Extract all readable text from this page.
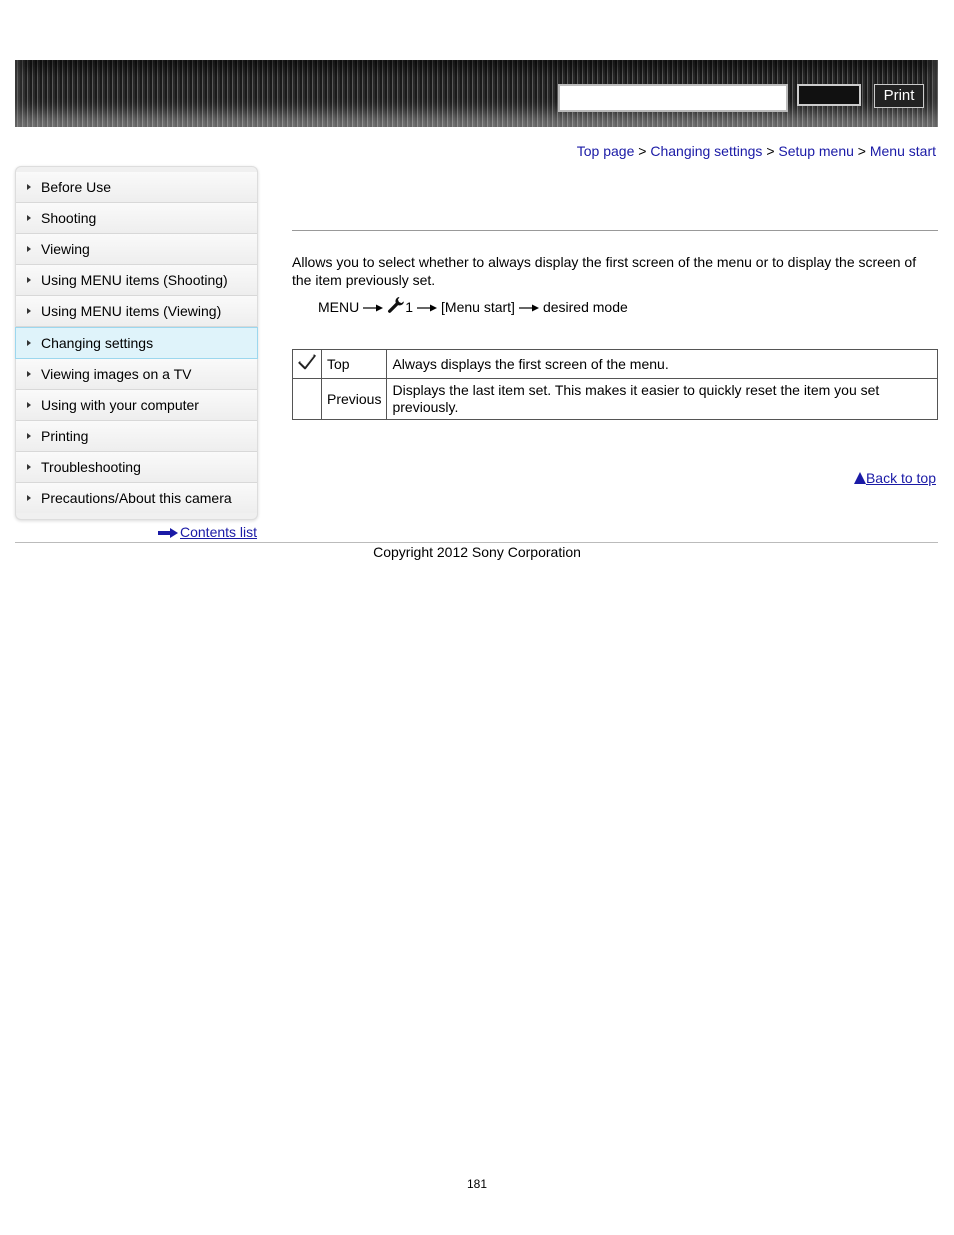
Print
Top page > Changing settings > Setup menu > Menu start
Before Use
Shooting
Viewing
Using MENU items (Shooting)
Using MENU items (Viewing)
Changing settings
Viewing images on a TV
Using with your computer
Printing
Troubleshooting
Precautions/About this camera
Contents list
Allows you to select whether to always display the first screen of the menu or to display the screen of the item previously set.
MENU	1 [Menu start] desired mode
	Top	Always displays the first screen of the menu.
	Previous	Displays the last item set. This makes it easier to quickly reset the item you set previously.
Back to top
Copyright 2012 Sony Corporation
181
